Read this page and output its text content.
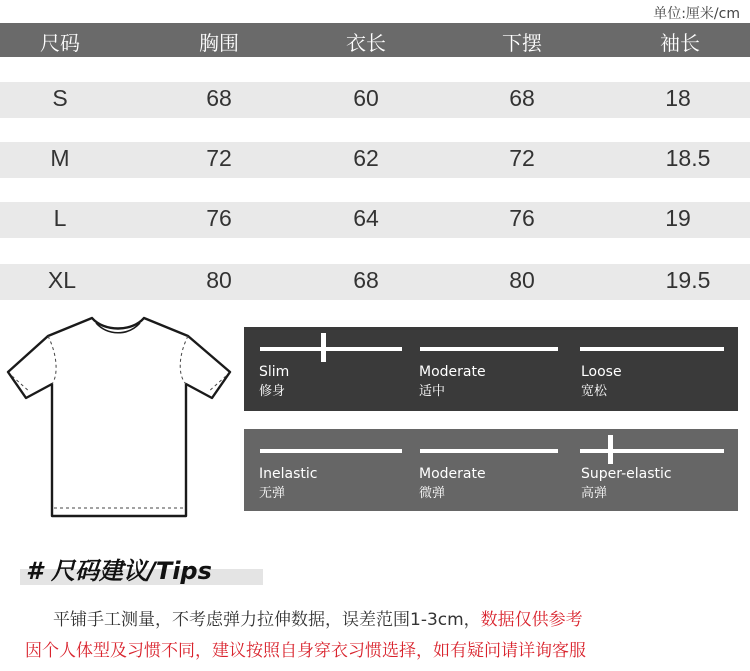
单位:厘米/cm
尺码	胸围	衣长	下摆	袖长
S	68	60	68	18
M	72	62	72	18.5
L	76	64	76	19
XL	80	68	80	19.5
Slim
修身
Moderate
适中
Loose
宽松
Inelastic
无弹
Moderate
微弹
Super-elastic
高弹
# 尺码建议/Tips
平铺手工测量，不考虑弹力拉伸数据，误差范围1-3cm，数据仅供参考
因个人体型及习惯不同，建议按照自身穿衣习惯选择，如有疑问请详询客服
